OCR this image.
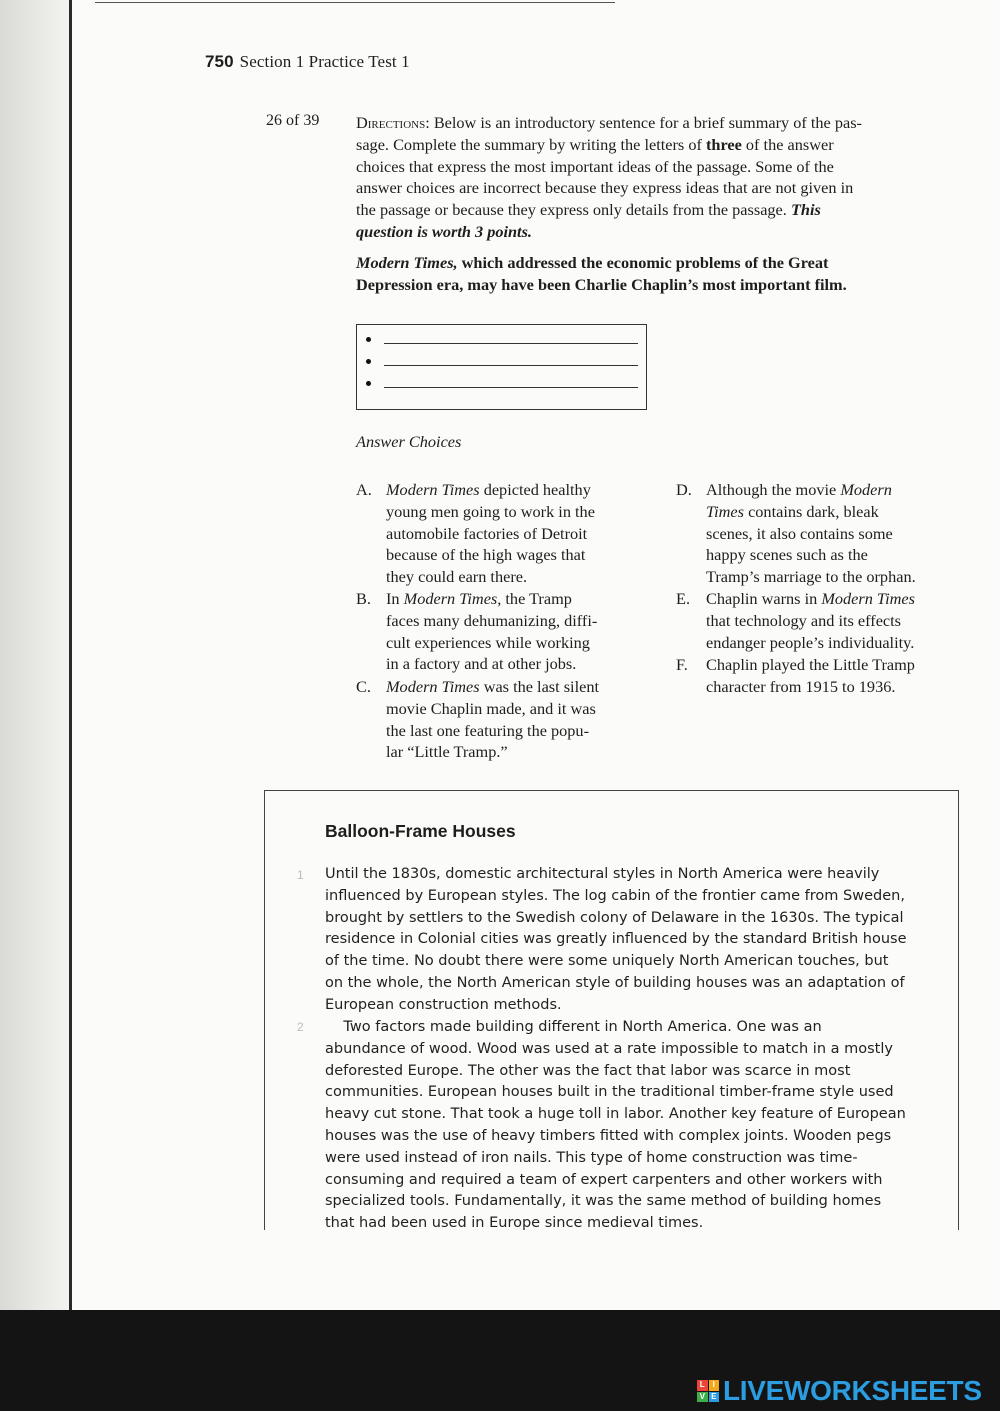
750 Section 1 Practice Test 1
26 of 39 Directions: Below is an introductory sentence for a brief summary of the pas-
sage. Complete the summary by writing the letters of three of the answer
choices that express the most important ideas of the passage. Some of the
answer choices are incorrect because they express ideas that are not given in
the passage or because they express only details from the passage. This
question is worth 3 points.
Modern Times, which addressed the economic problems of the Great
Depression era, may have been Charlie Chaplin’s most important film.
Answer Choices
A. Modern Times depicted healthy
young men going to work in the
automobile factories of Detroit
because of the high wages that
they could earn there.
B. In Modern Times, the Tramp
faces many dehumanizing, diffi-
cult experiences while working
in a factory and at other jobs.
C. Modern Times was the last silent
movie Chaplin made, and it was
the last one featuring the popu-
lar “Little Tramp.”
D. Although the movie Modern
Times contains dark, bleak
scenes, it also contains some
happy scenes such as the
Tramp’s marriage to the orphan.
E. Chaplin warns in Modern Times
that technology and its effects
endanger people’s individuality.
F. Chaplin played the Little Tramp
character from 1915 to 1936.
Balloon-Frame Houses
1 Until the 1830s, domestic architectural styles in North America were heavily
influenced by European styles. The log cabin of the frontier came from Sweden,
brought by settlers to the Swedish colony of Delaware in the 1630s. The typical
residence in Colonial cities was greatly influenced by the standard British house
of the time. No doubt there were some uniquely North American touches, but
on the whole, the North American style of building houses was an adaptation of
European construction methods.
2 Two factors made building different in North America. One was an
abundance of wood. Wood was used at a rate impossible to match in a mostly
deforested Europe. The other was the fact that labor was scarce in most
communities. European houses built in the traditional timber-frame style used
heavy cut stone. That took a huge toll in labor. Another key feature of European
houses was the use of heavy timbers fitted with complex joints. Wooden pegs
were used instead of iron nails. This type of home construction was time-
consuming and required a team of expert carpenters and other workers with
specialized tools. Fundamentally, it was the same method of building homes
that had been used in Europe since medieval times.
L I
V E LIVEWORKSHEETS
